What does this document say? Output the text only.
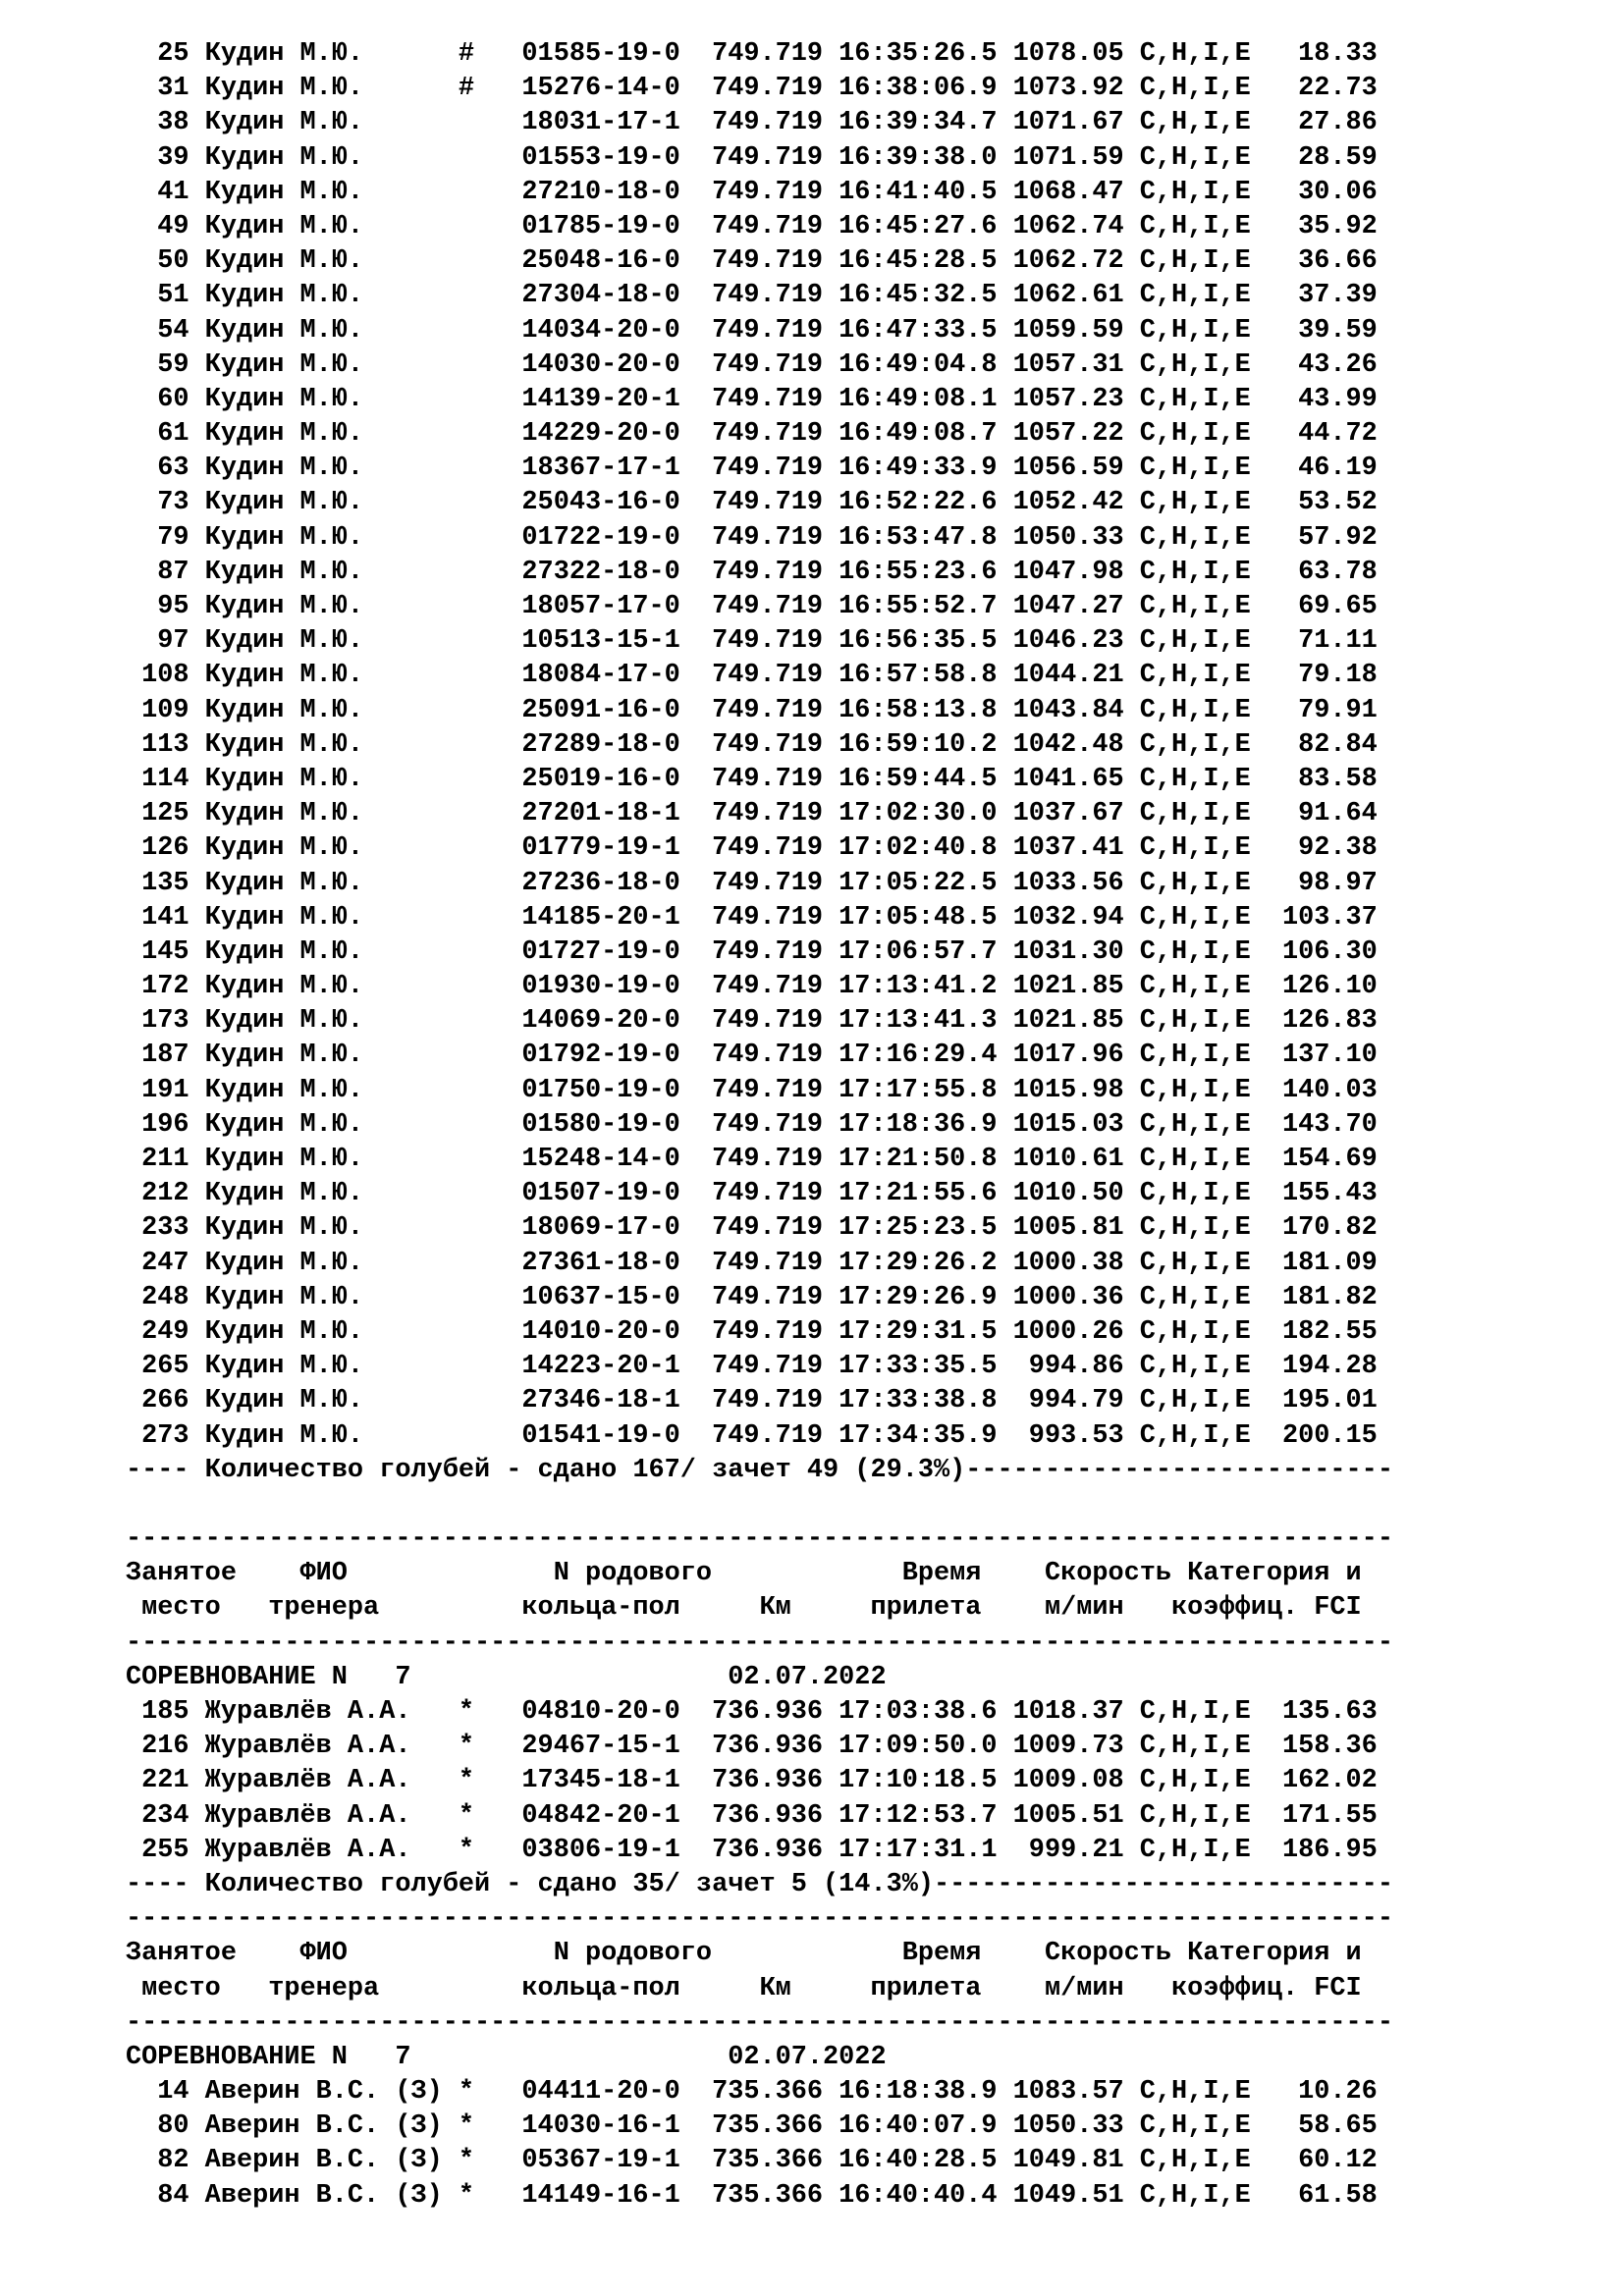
25 Кудин М.Ю.      #   01585-19-0  749.719 16:35:26.5 1078.05 C,H,I,E   18.33
31 Кудин М.Ю.      #   15276-14-0  749.719 16:38:06.9 1073.92 C,H,I,E   22.73
38 Кудин М.Ю.          18031-17-1  749.719 16:39:34.7 1071.67 C,H,I,E   27.86
39 Кудин М.Ю.          01553-19-0  749.719 16:39:38.0 1071.59 C,H,I,E   28.59
41 Кудин М.Ю.          27210-18-0  749.719 16:41:40.5 1068.47 C,H,I,E   30.06
49 Кудин М.Ю.          01785-19-0  749.719 16:45:27.6 1062.74 C,H,I,E   35.92
50 Кудин М.Ю.          25048-16-0  749.719 16:45:28.5 1062.72 C,H,I,E   36.66
51 Кудин М.Ю.          27304-18-0  749.719 16:45:32.5 1062.61 C,H,I,E   37.39
54 Кудин М.Ю.          14034-20-0  749.719 16:47:33.5 1059.59 C,H,I,E   39.59
59 Кудин М.Ю.          14030-20-0  749.719 16:49:04.8 1057.31 C,H,I,E   43.26
60 Кудин М.Ю.          14139-20-1  749.719 16:49:08.1 1057.23 C,H,I,E   43.99
61 Кудин М.Ю.          14229-20-0  749.719 16:49:08.7 1057.22 C,H,I,E   44.72
63 Кудин М.Ю.          18367-17-1  749.719 16:49:33.9 1056.59 C,H,I,E   46.19
73 Кудин М.Ю.          25043-16-0  749.719 16:52:22.6 1052.42 C,H,I,E   53.52
79 Кудин М.Ю.          01722-19-0  749.719 16:53:47.8 1050.33 C,H,I,E   57.92
87 Кудин М.Ю.          27322-18-0  749.719 16:55:23.6 1047.98 C,H,I,E   63.78
95 Кудин М.Ю.          18057-17-0  749.719 16:55:52.7 1047.27 C,H,I,E   69.65
97 Кудин М.Ю.          10513-15-1  749.719 16:56:35.5 1046.23 C,H,I,E   71.11
108 Кудин М.Ю.          18084-17-0  749.719 16:57:58.8 1044.21 C,H,I,E   79.18
109 Кудин М.Ю.          25091-16-0  749.719 16:58:13.8 1043.84 C,H,I,E   79.91
113 Кудин М.Ю.          27289-18-0  749.719 16:59:10.2 1042.48 C,H,I,E   82.84
114 Кудин М.Ю.          25019-16-0  749.719 16:59:44.5 1041.65 C,H,I,E   83.58
125 Кудин М.Ю.          27201-18-1  749.719 17:02:30.0 1037.67 C,H,I,E   91.64
126 Кудин М.Ю.          01779-19-1  749.719 17:02:40.8 1037.41 C,H,I,E   92.38
135 Кудин М.Ю.          27236-18-0  749.719 17:05:22.5 1033.56 C,H,I,E   98.97
141 Кудин М.Ю.          14185-20-1  749.719 17:05:48.5 1032.94 C,H,I,E  103.37
145 Кудин М.Ю.          01727-19-0  749.719 17:06:57.7 1031.30 C,H,I,E  106.30
172 Кудин М.Ю.          01930-19-0  749.719 17:13:41.2 1021.85 C,H,I,E  126.10
173 Кудин М.Ю.          14069-20-0  749.719 17:13:41.3 1021.85 C,H,I,E  126.83
187 Кудин М.Ю.          01792-19-0  749.719 17:16:29.4 1017.96 C,H,I,E  137.10
191 Кудин М.Ю.          01750-19-0  749.719 17:17:55.8 1015.98 C,H,I,E  140.03
196 Кудин М.Ю.          01580-19-0  749.719 17:18:36.9 1015.03 C,H,I,E  143.70
211 Кудин М.Ю.          15248-14-0  749.719 17:21:50.8 1010.61 C,H,I,E  154.69
212 Кудин М.Ю.          01507-19-0  749.719 17:21:55.6 1010.50 C,H,I,E  155.43
233 Кудин М.Ю.          18069-17-0  749.719 17:25:23.5 1005.81 C,H,I,E  170.82
247 Кудин М.Ю.          27361-18-0  749.719 17:29:26.2 1000.38 C,H,I,E  181.09
248 Кудин М.Ю.          10637-15-0  749.719 17:29:26.9 1000.36 C,H,I,E  181.82
249 Кудин М.Ю.          14010-20-0  749.719 17:29:31.5 1000.26 C,H,I,E  182.55
265 Кудин М.Ю.          14223-20-1  749.719 17:33:35.5  994.86 C,H,I,E  194.28
266 Кудин М.Ю.          27346-18-1  749.719 17:33:38.8  994.79 C,H,I,E  195.01
273 Кудин М.Ю.          01541-19-0  749.719 17:34:35.9  993.53 C,H,I,E  200.15
---- Количество голубей - сдано 167/ зачет 49 (29.3%)---------------------------
--------------------------------------------------------------------------------
Занятое    ФИО             N родового            Время    Скорость Категория и
место   тренера         кольца-пол     Км     прилета    м/мин   коэффиц. FCI
--------------------------------------------------------------------------------
СОРЕВНОВАНИЕ N   7                    02.07.2022
185 Журавлёв А.А.   *   04810-20-0  736.936 17:03:38.6 1018.37 C,H,I,E  135.63
216 Журавлёв А.А.   *   29467-15-1  736.936 17:09:50.0 1009.73 C,H,I,E  158.36
221 Журавлёв А.А.   *   17345-18-1  736.936 17:10:18.5 1009.08 C,H,I,E  162.02
234 Журавлёв А.А.   *   04842-20-1  736.936 17:12:53.7 1005.51 C,H,I,E  171.55
255 Журавлёв А.А.   *   03806-19-1  736.936 17:17:31.1  999.21 C,H,I,E  186.95
---- Количество голубей - сдано 35/ зачет 5 (14.3%)-----------------------------
--------------------------------------------------------------------------------
Занятое    ФИО             N родового            Время    Скорость Категория и
место   тренера         кольца-пол     Км     прилета    м/мин   коэффиц. FCI
--------------------------------------------------------------------------------
СОРЕВНОВАНИЕ N   7                    02.07.2022
14 Аверин В.С. (З) *   04411-20-0  735.366 16:18:38.9 1083.57 C,H,I,E   10.26
80 Аверин В.С. (З) *   14030-16-1  735.366 16:40:07.9 1050.33 C,H,I,E   58.65
82 Аверин В.С. (З) *   05367-19-1  735.366 16:40:28.5 1049.81 C,H,I,E   60.12
84 Аверин В.С. (З) *   14149-16-1  735.366 16:40:40.4 1049.51 C,H,I,E   61.58
